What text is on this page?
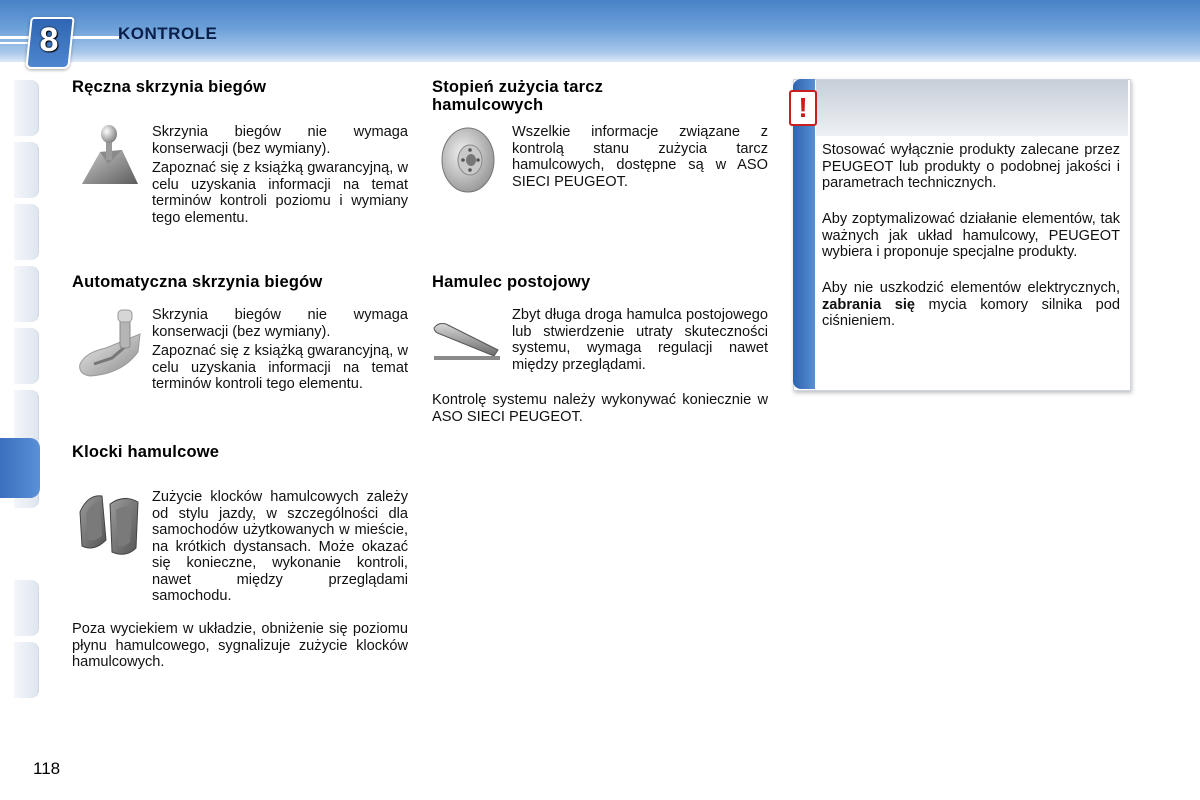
8	KONTROLE
Ręczna skrzynia biegów

Skrzynia biegów nie wymaga konserwacji (bez wymiany).

Zapoznać się z książką gwarancyjną, w celu uzyskania informacji na temat terminów kontroli poziomu i wymiany tego elementu.

Automatyczna skrzynia biegów

Skrzynia biegów nie wymaga konserwacji (bez wymiany).

Zapoznać się z książką gwarancyjną, w celu uzyskania informacji na temat terminów kontroli tego elementu.

Klocki hamulcowe

Zużycie klocków hamulcowych zależy od stylu jazdy, w szczególności dla samochodów użytkowanych w mieście, na krótkich dystansach. Może okazać się konieczne, wykonanie kontroli, nawet między przeglądami samochodu.

Poza wyciekiem w układzie, obniżenie się poziomu płynu hamulcowego, sygnalizuje zużycie klocków hamulcowych.

Stopień zużycia tarcz
hamulcowych

Wszelkie informacje związane z kontrolą stanu zużycia tarcz hamulcowych, dostępne są w ASO SIECI PEUGEOT.

Hamulec postojowy

Zbyt długa droga hamulca postojowego lub stwierdzenie utraty skuteczności systemu, wymaga regulacji nawet między przeglądami.

Kontrolę systemu należy wykonywać koniecznie w ASO SIECI PEUGEOT.

!

Stosować wyłącznie produkty zalecane przez PEUGEOT lub produkty o podobnej jakości i parametrach technicznych.

Aby zoptymalizować działanie elementów, tak ważnych jak układ hamulcowy, PEUGEOT wybiera i proponuje specjalne produkty.

Aby nie uszkodzić elementów elektrycznych, zabrania się mycia komory silnika pod ciśnieniem.

118
